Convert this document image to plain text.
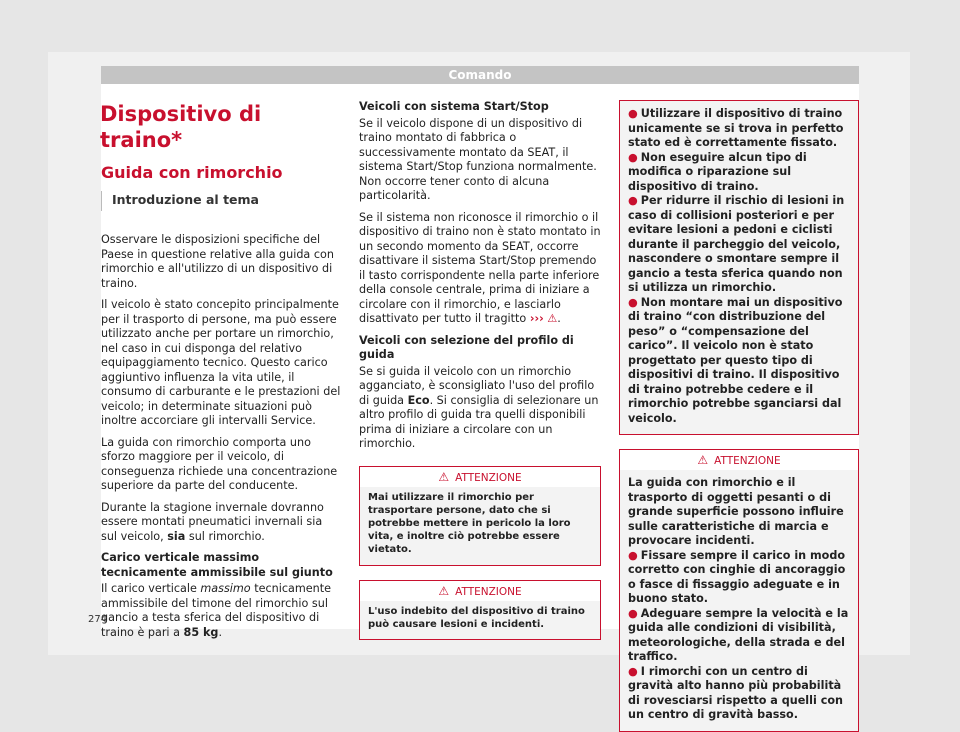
Comando
Dispositivo di traino*
Guida con rimorchio
Introduzione al tema

Osservare le disposizioni specifiche del Paese in questione relative alla guida con rimorchio e all'utilizzo di un dispositivo di traino.

Il veicolo è stato concepito principalmente per il trasporto di persone, ma può essere utilizzato anche per portare un rimorchio, nel caso in cui disponga del relativo equipaggiamento tecnico. Questo carico aggiuntivo influenza la vita utile, il consumo di carburante e le prestazioni del veicolo; in determinate situazioni può inoltre accorciare gli intervalli Service.

La guida con rimorchio comporta uno sforzo maggiore per il veicolo, di conseguenza richiede una concentrazione superiore da parte del conducente.

Durante la stagione invernale dovranno essere montati pneumatici invernali sia sul veicolo, sia sul rimorchio.

Carico verticale massimo tecnicamente ammissibile sul giunto

Il carico verticale massimo tecnicamente ammissibile del timone del rimorchio sul gancio a testa sferica del dispositivo di traino è pari a 85 kg.

Veicoli con sistema Start/Stop

Se il veicolo dispone di un dispositivo di traino montato di fabbrica o successivamente montato da SEAT, il sistema Start/Stop funziona normalmente. Non occorre tener conto di alcuna particolarità.

Se il sistema non riconosce il rimorchio o il dispositivo di traino non è stato montato in un secondo momento da SEAT, occorre disattivare il sistema Start/Stop premendo il tasto corrispondente nella parte inferiore della console centrale, prima di iniziare a circolare con il rimorchio, e lasciarlo disattivato per tutto il tragitto ››› ⚠.

Veicoli con selezione del profilo di guida

Se si guida il veicolo con un rimorchio agganciato, è sconsigliato l'uso del profilo di guida Eco. Si consiglia di selezionare un altro profilo di guida tra quelli disponibili prima di iniziare a circolare con un rimorchio.

⚠ ATTENZIONE
Mai utilizzare il rimorchio per trasportare persone, dato che si potrebbe mettere in pericolo la loro vita, e inoltre ciò potrebbe essere vietato.
⚠ ATTENZIONE
L'uso indebito del dispositivo di traino può causare lesioni e incidenti.

● Utilizzare il dispositivo di traino unicamente se si trova in perfetto stato ed è correttamente fissato.

● Non eseguire alcun tipo di modifica o riparazione sul dispositivo di traino.

● Per ridurre il rischio di lesioni in caso di collisioni posteriori e per evitare lesioni a pedoni e ciclisti durante il parcheggio del veicolo, nascondere o smontare sempre il gancio a testa sferica quando non si utilizza un rimorchio.

● Non montare mai un dispositivo di traino “con distribuzione del peso” o “compensazione del carico”. Il veicolo non è stato progettato per questo tipo di dispositivi di traino. Il dispositivo di traino potrebbe cedere e il rimorchio potrebbe sganciarsi dal veicolo.

⚠ ATTENZIONE

La guida con rimorchio e il trasporto di oggetti pesanti o di grande superficie possono influire sulle caratteristiche di marcia e provocare incidenti.

● Fissare sempre il carico in modo corretto con cinghie di ancoraggio o fasce di fissaggio adeguate e in buono stato.

● Adeguare sempre la velocità e la guida alle condizioni di visibilità, meteorologiche, della strada e del traffico.

● I rimorchi con un centro di gravità alto hanno più probabilità di rovesciarsi rispetto a quelli con un centro di gravità basso.

274
